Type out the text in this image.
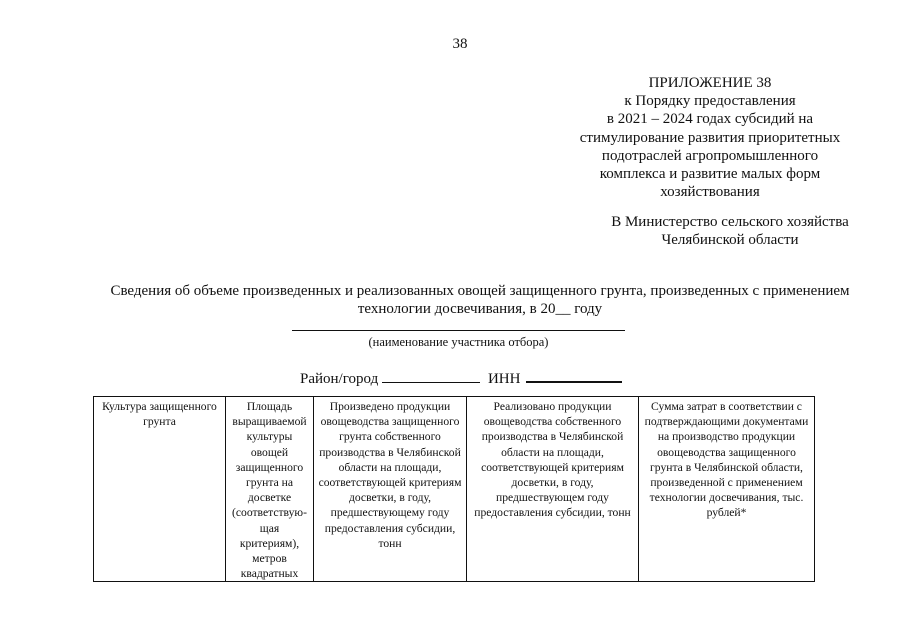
38
ПРИЛОЖЕНИЕ 38
к Порядку предоставления
в 2021 – 2024 годах субсидий на
стимулирование развития приоритетных
подотраслей агропромышленного
комплекса и развитие малых форм
хозяйствования
В Министерство сельского хозяйства
Челябинской области
Сведения об объеме произведенных и реализованных овощей защищенного грунта, произведенных с применением
технологии досвечивания, в 20__ году
(наименование участника отбора)
Район/город	ИНН
Культура защищенного грунта	Площадь выращиваемой культуры овощей защищенного грунта на досветке (соответствую-щая критериям), метров квадратных	Произведено продукции овощеводства защищенного грунта собственного производства в Челябинской области на площади, соответствующей критериям досветки, в году, предшествующему году предоставления субсидии, тонн	Реализовано продукции овощеводства собственного производства в Челябинской области на площади, соответствующей критериям досветки, в году, предшествующем году предоставления субсидии, тонн	Сумма затрат в соответствии с подтверждающими документами на производство продукции овощеводства защищенного грунта в Челябинской области, произведенной с применением технологии досвечивания, тыс. рублей*
